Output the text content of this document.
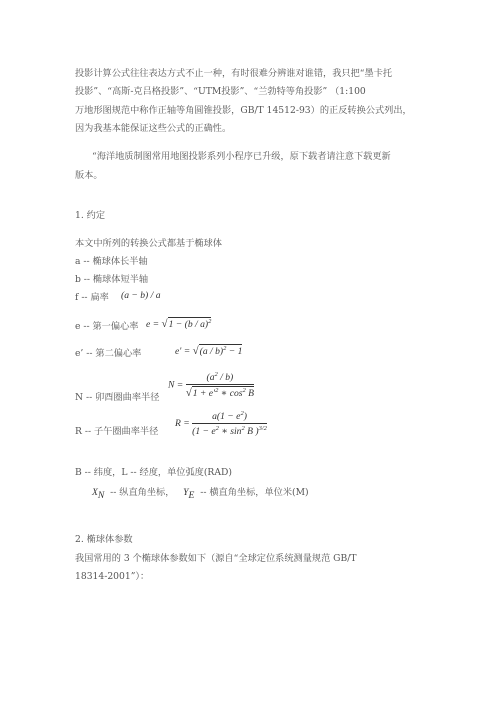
投影计算公式往往表达方式不止一种，有时很难分辨谁对谁错，我只把“墨卡托
投影”、“高斯-克吕格投影”、“UTM投影”、“兰勃特等角投影” （1:100
万地形图规范中称作正轴等角圆锥投影，GB/T 14512-93）的正反转换公式列出，
因为我基本能保证这些公式的正确性。
“海洋地质制图常用地图投影系列小程序已升级，原下载者请注意下载更新
版本。
1. 约定
本文中所列的转换公式都基于椭球体
a -- 椭球体长半轴
b -- 椭球体短半轴
f -- 扁率 (a − b) / a
e -- 第一偏心率 e = √1 − (b / a)$^2$
e’ -- 第二偏心率	e' = √(a / b)$^2$ − 1
N -- 卯酉圈曲率半径
$N = \frac{(a^2 / b)}{√1 + e'^2 ∗ \cos^2 B}$
R -- 子午圈曲率半径
$R = \frac{a(1 - e^2)}{(1 - e^2 ∗ \sin^2 B )^{3/2}}$
B -- 纬度，L -- 经度，单位弧度(RAD)
$X_N$ -- 纵直角坐标， $Y_E$ -- 横直角坐标，单位米(M)
2. 椭球体参数
我国常用的 3 个椭球体参数如下（源自“全球定位系统测量规范 GB/T
18314-2001”）：
